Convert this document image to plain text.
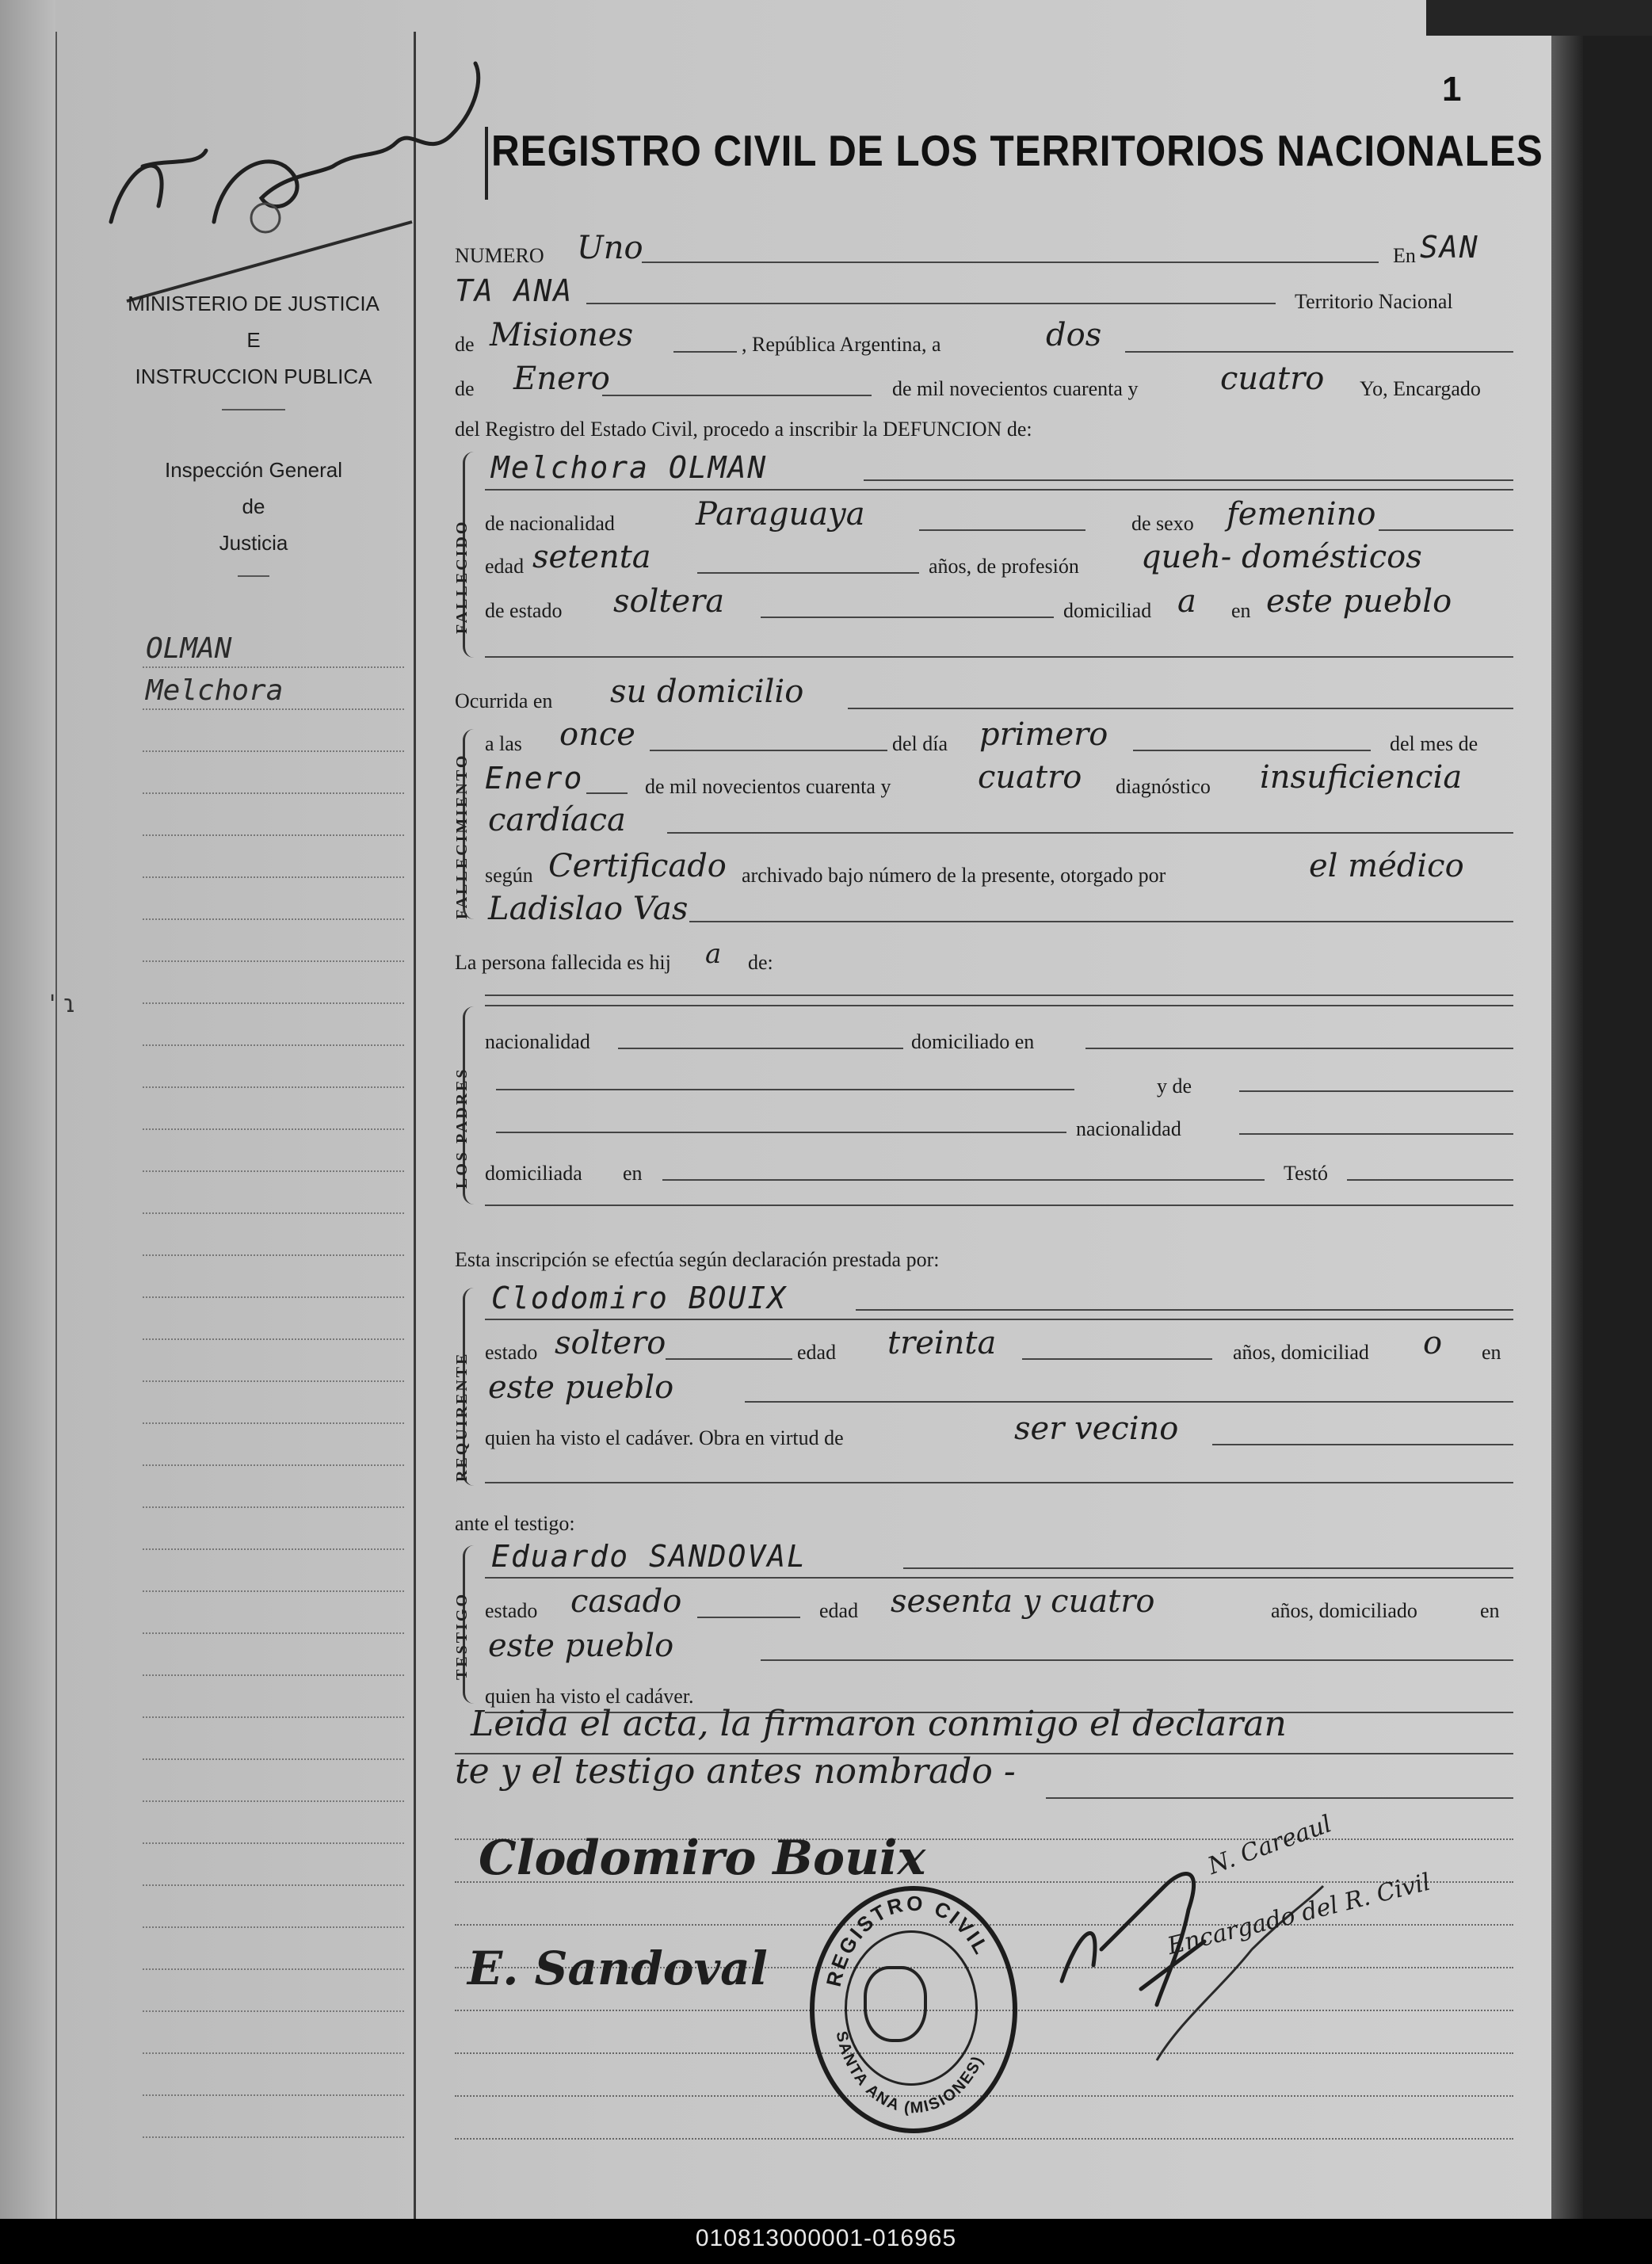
' ɿ
MINISTERIO DE JUSTICIA
E
INSTRUCCION PUBLICA
Inspección General
de
Justicia
OLMAN
Melchora
1
REGISTRO CIVIL DE LOS TERRITORIOS NACIONALES
NUMERO Uno	En SAN
TA ANA	Territorio Nacional
de Misiones	, República Argentina, a	dos
de Enero	de mil novecientos cuarenta y	cuatro Yo, Encargado
del Registro del Estado Civil, procedo a inscribir la DEFUNCION de:
FALLECIDO
Melchora OLMAN
de nacionalidad	Paraguaya	de sexo femenino
edad setenta	años, de profesión queh- domésticos
de estado soltera	domiciliad a en este pueblo
Ocurrida en su domicilio
FALLECIMIENTO
a las once	del día primero	del mes de
Enero	de mil novecientos cuarenta y	cuatro diagnóstico insuficiencia
cardíaca
según Certificado archivado bajo número de la presente, otorgado por	el médico
Ladislao Vas
La persona fallecida es hij a de:
LOS PADRES
nacionalidad	domiciliado en
y de
nacionalidad
domiciliada en	Testó
Esta inscripción se efectúa según declaración prestada por:
REQUIRENTE
Clodomiro BOUIX
estado soltero	edad treinta	años, domiciliad o en
este pueblo
quien ha visto el cadáver. Obra en virtud de	ser vecino
ante el testigo:
TESTIGO
Eduardo SANDOVAL
estado casado	edad sesenta y cuatro	años, domiciliado	en
este pueblo
quien ha visto el cadáver.
Leida el acta, la firmaron conmigo el declaran
te y el testigo antes nombrado -
Clodomiro Bouix
E. Sandoval
N. Careaul
Encargado del R. Civil
REGISTRO CIVIL
SANTA ANA (MISIONES)
010813000001-016965
